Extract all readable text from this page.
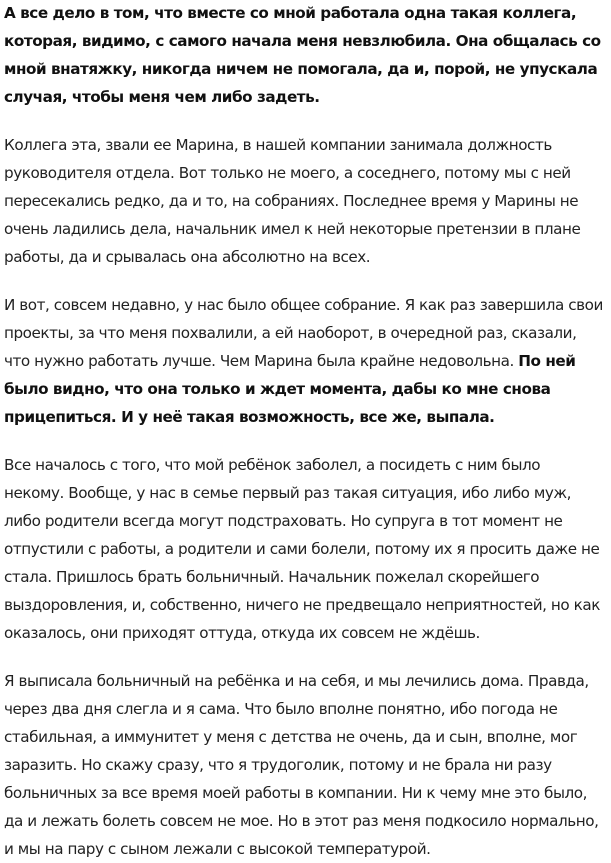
А все дело в том, что вместе со мной работала одна такая коллега, которая, видимо, с самого начала меня невзлюбила. Она общалась со мной внатяжку, никогда ничем не помогала, да и, порой, не упускала случая, чтобы меня чем либо задеть.

Коллега эта, звали ее Марина, в нашей компании занимала должность руководителя отдела. Вот только не моего, а соседнего, потому мы с ней пересекались редко, да и то, на собраниях. Последнее время у Марины не очень ладились дела, начальник имел к ней некоторые претензии в плане работы, да и срывалась она абсолютно на всех.

И вот, совсем недавно, у нас было общее собрание. Я как раз завершила свои проекты, за что меня похвалили, а ей наоборот, в очередной раз, сказали, что нужно работать лучше. Чем Марина была крайне недовольна. По ней было видно, что она только и ждет момента, дабы ко мне снова прицепиться. И у неё такая возможность, все же, выпала.

Все началось с того, что мой ребёнок заболел, а посидеть с ним было некому. Вообще, у нас в семье первый раз такая ситуация, ибо либо муж, либо родители всегда могут подстраховать. Но супруга в тот момент не отпустили с работы, а родители и сами болели, потому их я просить даже не стала. Пришлось брать больничный. Начальник пожелал скорейшего выздоровления, и, собственно, ничего не предвещало неприятностей, но как оказалось, они приходят оттуда, откуда их совсем не ждёшь.

Я выписала больничный на ребёнка и на себя, и мы лечились дома. Правда, через два дня слегла и я сама. Что было вполне понятно, ибо погода не стабильная, а иммунитет у меня с детства не очень, да и сын, вполне, мог заразить. Но скажу сразу, что я трудоголик, потому и не брала ни разу больничных за все время моей работы в компании. Ни к чему мне это было, да и лежать болеть совсем не мое. Но в этот раз меня подкосило нормально, и мы на пару с сыном лежали с высокой температурой.
